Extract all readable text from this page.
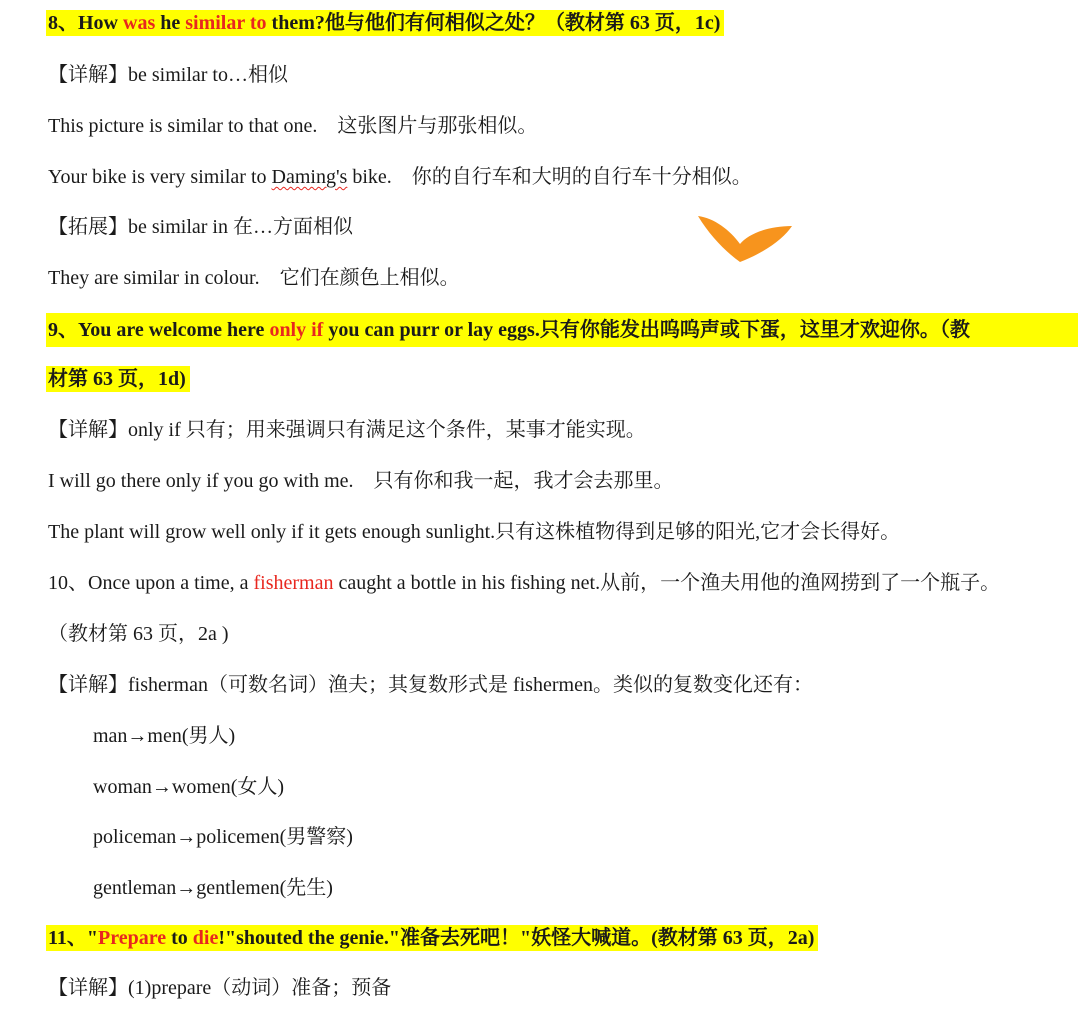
8、How was he similar to them?他与他们有何相似之处？（教材第 63 页，1c)
【详解】be similar to…相似
This picture is similar to that one.    这张图片与那张相似。
Your bike is very similar to Daming's bike.    你的自行车和大明的自行车十分相似。
【拓展】be similar in 在…方面相似
They are similar in colour.    它们在颜色上相似。
9、You are welcome here only if you can purr or lay eggs.只有你能发出呜呜声或下蛋，这里才欢迎你。（教
材第 63 页，1d)
【详解】only if 只有；用来强调只有满足这个条件，某事才能实现。
I will go there only if you go with me.    只有你和我一起，我才会去那里。
The plant will grow well only if it gets enough sunlight.只有这株植物得到足够的阳光,它才会长得好。
10、Once upon a time, a fisherman caught a bottle in his fishing net.从前，一个渔夫用他的渔网捞到了一个瓶子。
（教材第 63 页，2a )
【详解】fisherman（可数名词）渔夫；其复数形式是 fishermen。类似的复数变化还有：
man→men(男人)
woman→women(女人)
policeman→policemen(男警察)
gentleman→gentlemen(先生)
11、"Prepare to die!"shouted the genie."准备去死吧！"妖怪大喊道。(教材第 63 页，2a)
【详解】(1)prepare（动词）准备；预备
